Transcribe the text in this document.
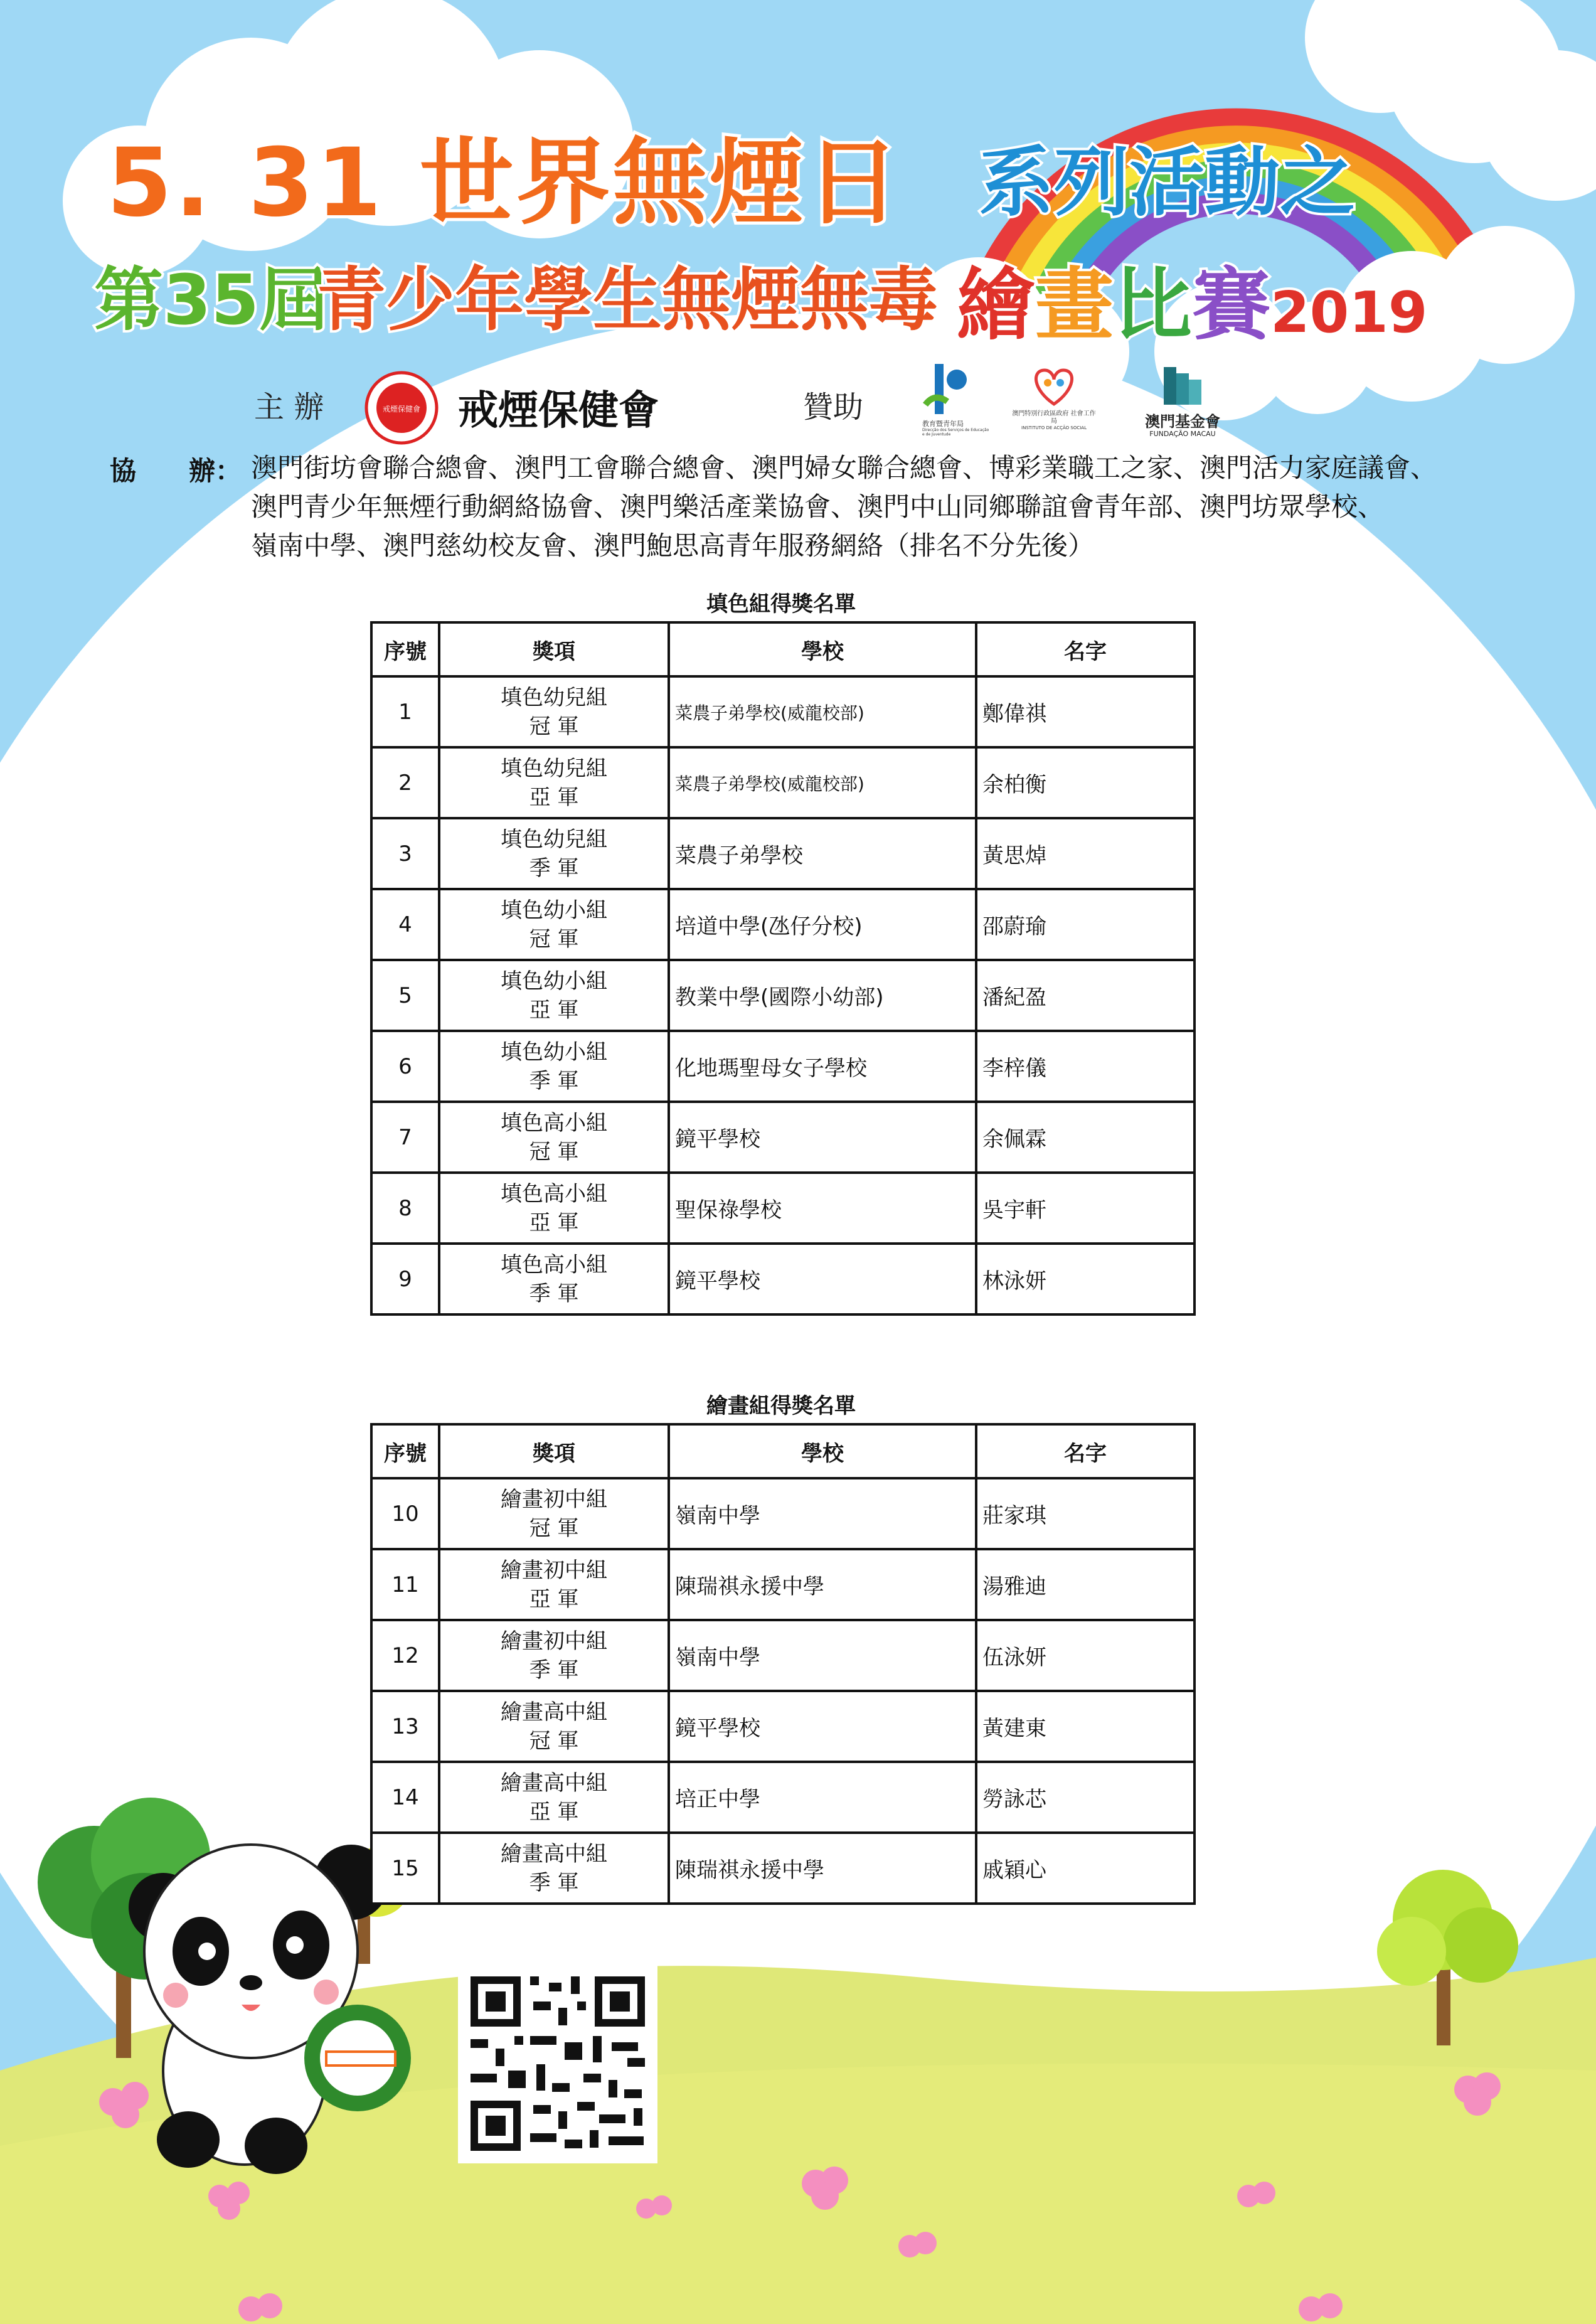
5. 31 世界無煙日 系列活動之
第35屆
青少年學生無煙無毒 繪畫比賽2019
主 辦	戒煙保健會 戒煙保健會	贊助	教育暨青年局
Direcção dos Serviços de Educação e de Juventude
澳門特別行政區政府 社會工作局
INSTITUTO DE ACÇÃO SOCIAL	澳門基金會
FUNDAÇÃO MACAU
協　　辦： 澳門街坊會聯合總會、澳門工會聯合總會、澳門婦女聯合總會、博彩業職工之家、澳門活力家庭議會、
澳門青少年無煙行動網絡協會、澳門樂活產業協會、澳門中山同鄉聯誼會青年部、澳門坊眾學校、
嶺南中學、澳門慈幼校友會、澳門鮑思高青年服務網絡（排名不分先後）
填色組得獎名單
序號	獎項	學校	名字
1	填色幼兒組
冠 軍	菜農子弟學校(威龍校部)	鄭偉祺
2	填色幼兒組
亞 軍	菜農子弟學校(威龍校部)	余柏衡
3	填色幼兒組
季 軍	菜農子弟學校	黃思焯
4	填色幼小組
冠 軍	培道中學(氹仔分校)	邵蔚瑜
5	填色幼小組
亞 軍	教業中學(國際小幼部)	潘紀盈
6	填色幼小組
季 軍	化地瑪聖母女子學校	李梓儀
7	填色高小組
冠 軍	鏡平學校	余佩霖
8	填色高小組
亞 軍	聖保祿學校	吳宇軒
9	填色高小組
季 軍	鏡平學校	林泳妍
繪畫組得獎名單
序號	獎項	學校	名字
10	繪畫初中組
冠 軍	嶺南中學	莊家琪
11	繪畫初中組
亞 軍	陳瑞祺永援中學	湯雅迪
12	繪畫初中組
季 軍	嶺南中學	伍泳妍
13	繪畫高中組
冠 軍	鏡平學校	黃建東
14	繪畫高中組
亞 軍	培正中學	勞詠芯
15	繪畫高中組
季 軍	陳瑞祺永援中學	戚穎心
